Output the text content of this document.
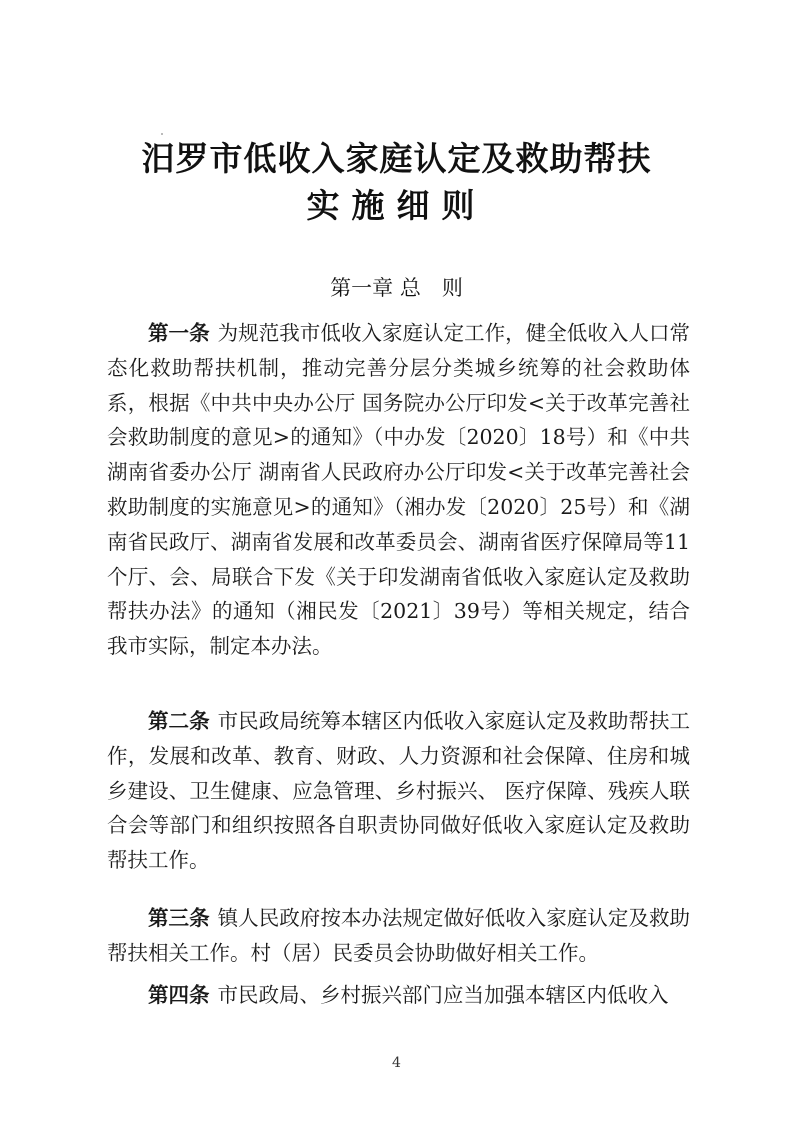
汨罗市低收入家庭认定及救助帮扶
实施细则
第一章 总　则

第一条 为规范我市低收入家庭认定工作，健全低收入人口常态化救助帮扶机制，推动完善分层分类城乡统筹的社会救助体系，根据《中共中央办公厅 国务院办公厅印发<关于改革完善社会救助制度的意见>的通知》（中办发〔2020〕18号）和《中共湖南省委办公厅 湖南省人民政府办公厅印发<关于改革完善社会救助制度的实施意见>的通知》（湘办发〔2020〕25号）和《湖南省民政厅、湖南省发展和改革委员会、湖南省医疗保障局等11个厅、会、局联合下发《关于印发湖南省低收入家庭认定及救助帮扶办法》的通知（湘民发〔2021〕39号）等相关规定，结合我市实际，制定本办法。

第二条 市民政局统筹本辖区内低收入家庭认定及救助帮扶工作，发展和改革、教育、财政、人力资源和社会保障、住房和城乡建设、卫生健康、应急管理、乡村振兴、 医疗保障、残疾人联合会等部门和组织按照各自职责协同做好低收入家庭认定及救助帮扶工作。

第三条 镇人民政府按本办法规定做好低收入家庭认定及救助帮扶相关工作。村（居）民委员会协助做好相关工作。

第四条 市民政局、乡村振兴部门应当加强本辖区内低收入

4
